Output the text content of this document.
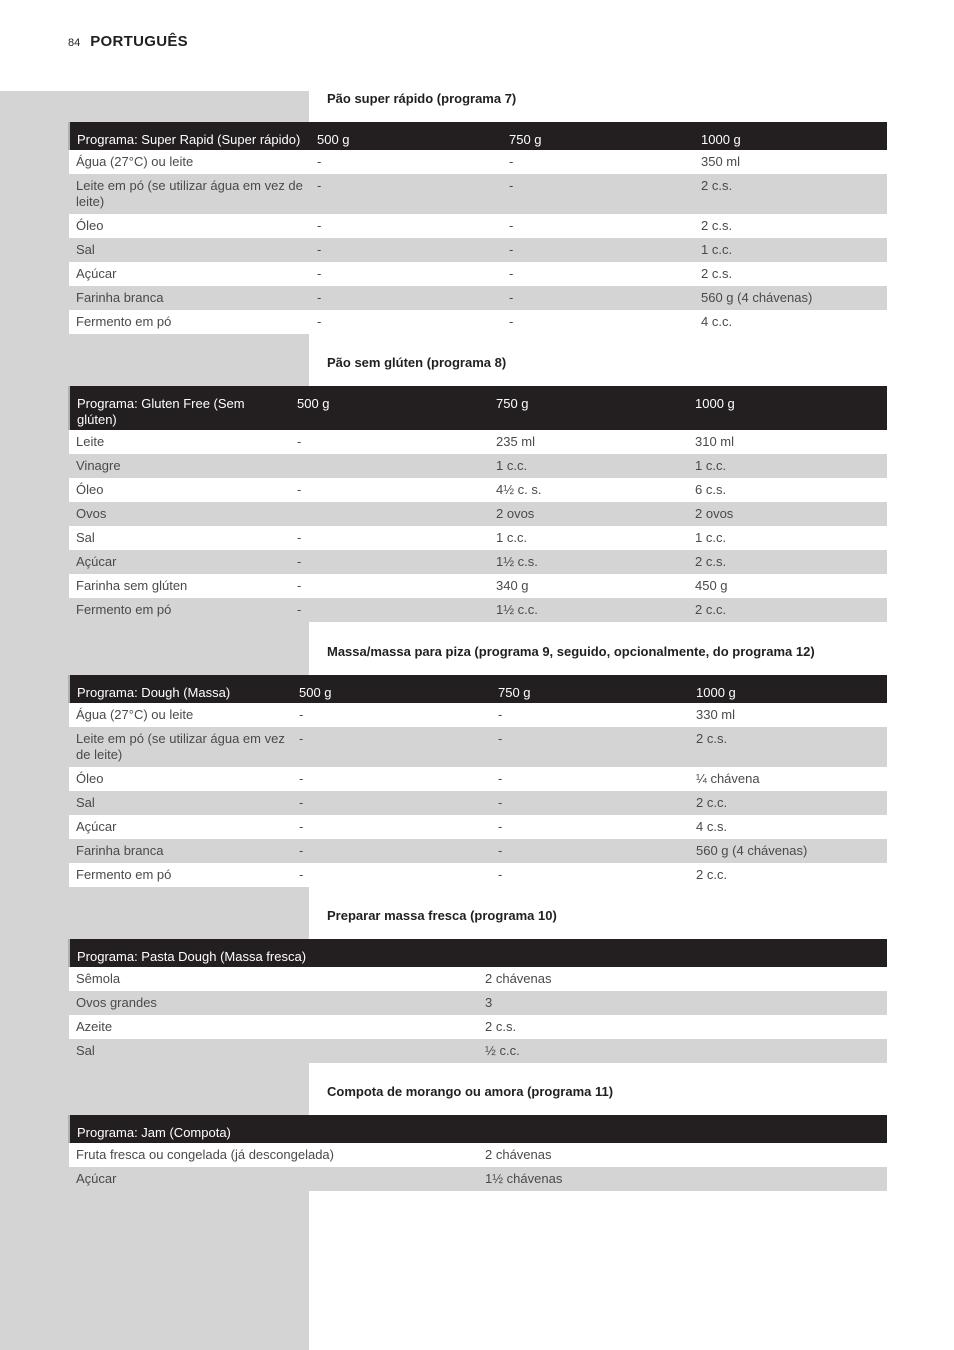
84 PORTUGUÊS
Pão super rápido (programa 7)
Programa: Super Rapid (Super rápido)	500 g	750 g	1000 g
Água (27°C) ou leite	-	-	350 ml
Leite em pó (se utilizar água em vez de leite)	-	-	2 c.s.
Óleo	-	-	2 c.s.
Sal	-	-	1 c.c.
Açúcar	-	-	2 c.s.
Farinha branca	-	-	560 g (4 chávenas)
Fermento em pó	-	-	4 c.c.
Pão sem glúten (programa 8)
Programa: Gluten Free (Sem glúten)	500 g	750 g	1000 g
Leite	-	235 ml	310 ml
Vinagre		1 c.c.	1 c.c.
Óleo	-	4½ c. s.	6 c.s.
Ovos		2 ovos	2 ovos
Sal	-	1 c.c.	1 c.c.
Açúcar	-	1½ c.s.	2 c.s.
Farinha sem glúten	-	340 g	450 g
Fermento em pó	-	1½ c.c.	2 c.c.
Massa/massa para piza (programa 9, seguido, opcionalmente, do programa 12)
Programa: Dough (Massa)	500 g	750 g	1000 g
Água (27°C) ou leite	-	-	330 ml
Leite em pó (se utilizar água em vez de leite)	-	-	2 c.s.
Óleo	-	-	¼ chávena
Sal	-	-	2 c.c.
Açúcar	-	-	4 c.s.
Farinha branca	-	-	560 g (4 chávenas)
Fermento em pó	-	-	2 c.c.
Preparar massa fresca (programa 10)
Programa: Pasta Dough (Massa fresca)	
Sêmola	2 chávenas
Ovos grandes	3
Azeite	2 c.s.
Sal	½ c.c.
Compota de morango ou amora (programa 11)
Programa: Jam (Compota)	
Fruta fresca ou congelada (já descongelada)	2 chávenas
Açúcar	1½ chávenas
